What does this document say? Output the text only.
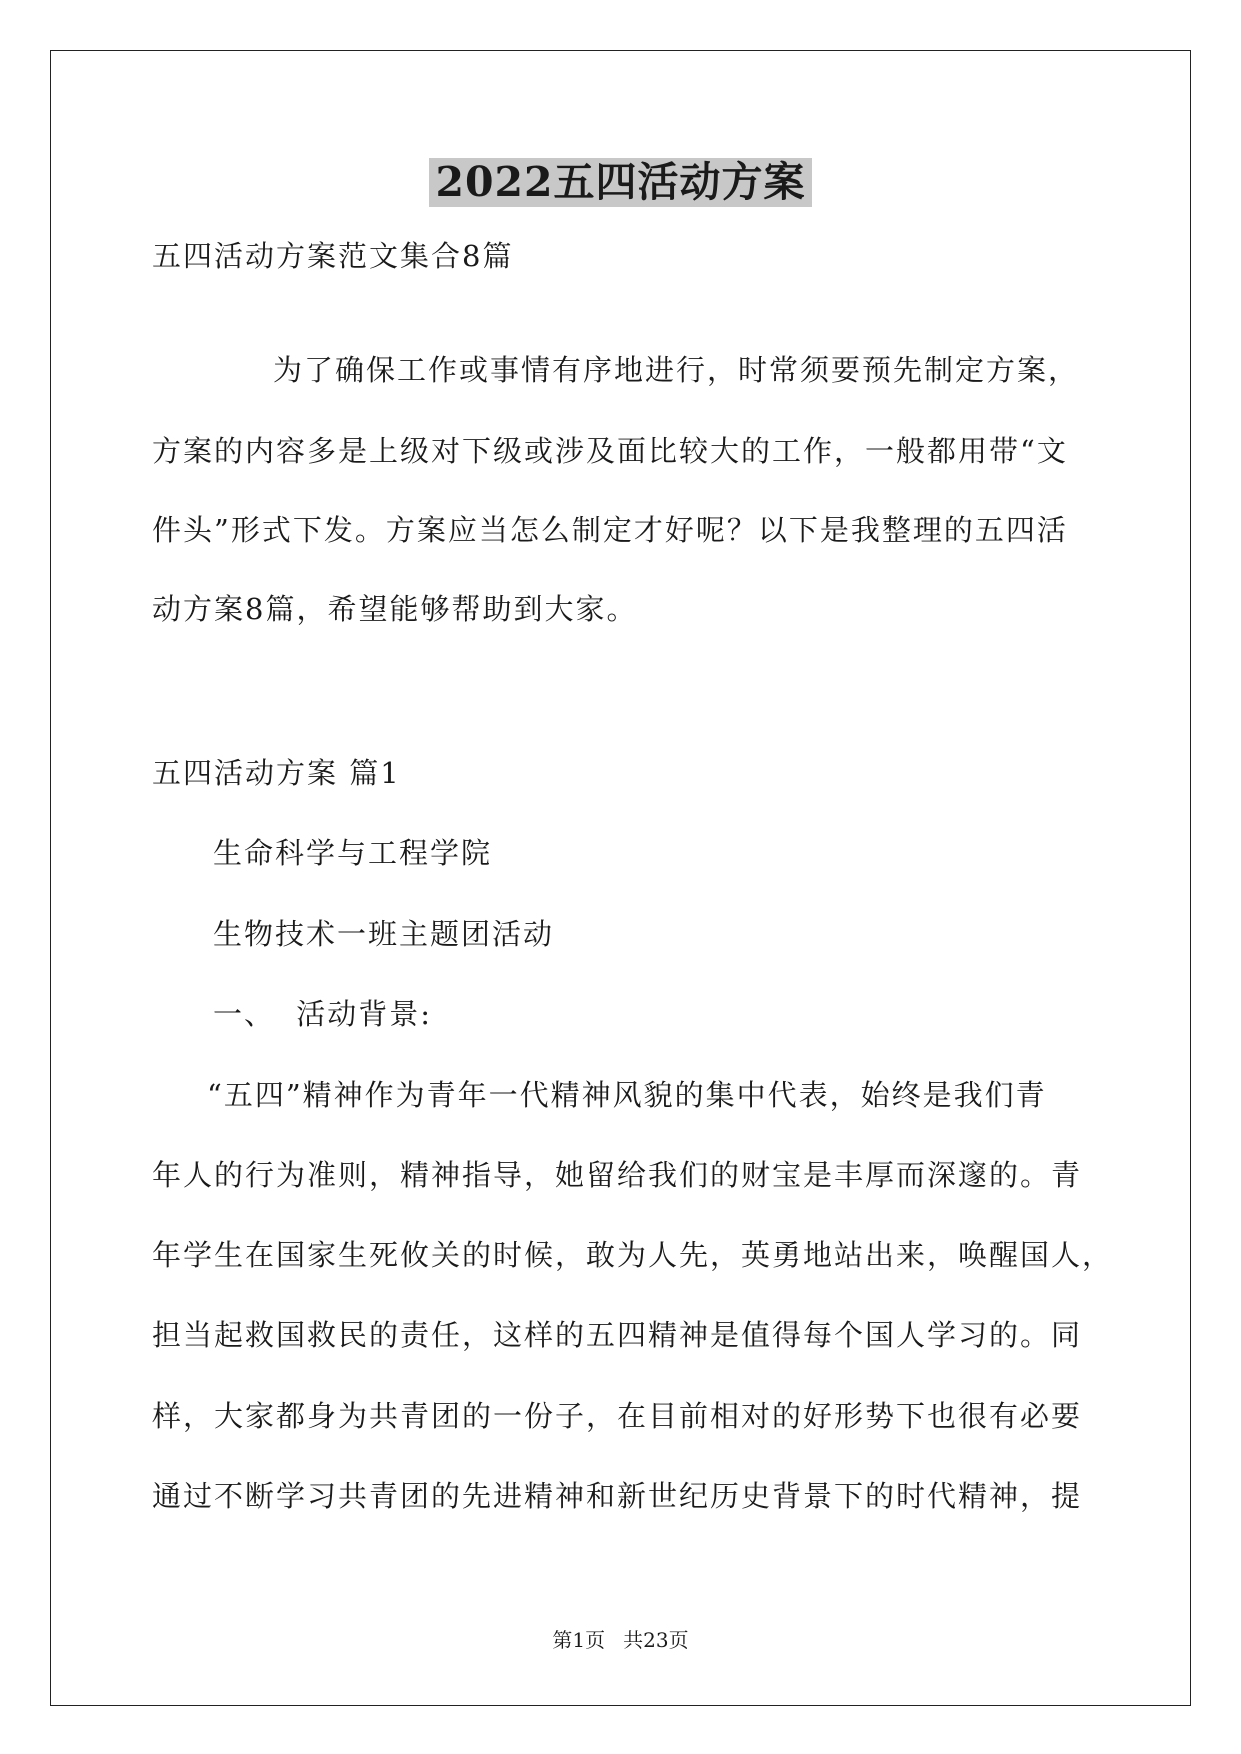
2022五四活动方案

五四活动方案范文集合8篇

为了确保工作或事情有序地进行，时常须要预先制定方案，

方案的内容多是上级对下级或涉及面比较大的工作，一般都用带“文

件头”形式下发。方案应当怎么制定才好呢？以下是我整理的五四活

动方案8篇，希望能够帮助到大家。

五四活动方案 篇1

生命科学与工程学院

生物技术一班主题团活动

一、 活动背景:

“五四”精神作为青年一代精神风貌的集中代表，始终是我们青

年人的行为准则，精神指导，她留给我们的财宝是丰厚而深邃的。青

年学生在国家生死攸关的时候，敢为人先，英勇地站出来，唤醒国人，

担当起救国救民的责任，这样的五四精神是值得每个国人学习的。同

样，大家都身为共青团的一份子，在目前相对的好形势下也很有必要

通过不断学习共青团的先进精神和新世纪历史背景下的时代精神，提

第1页 共23页
